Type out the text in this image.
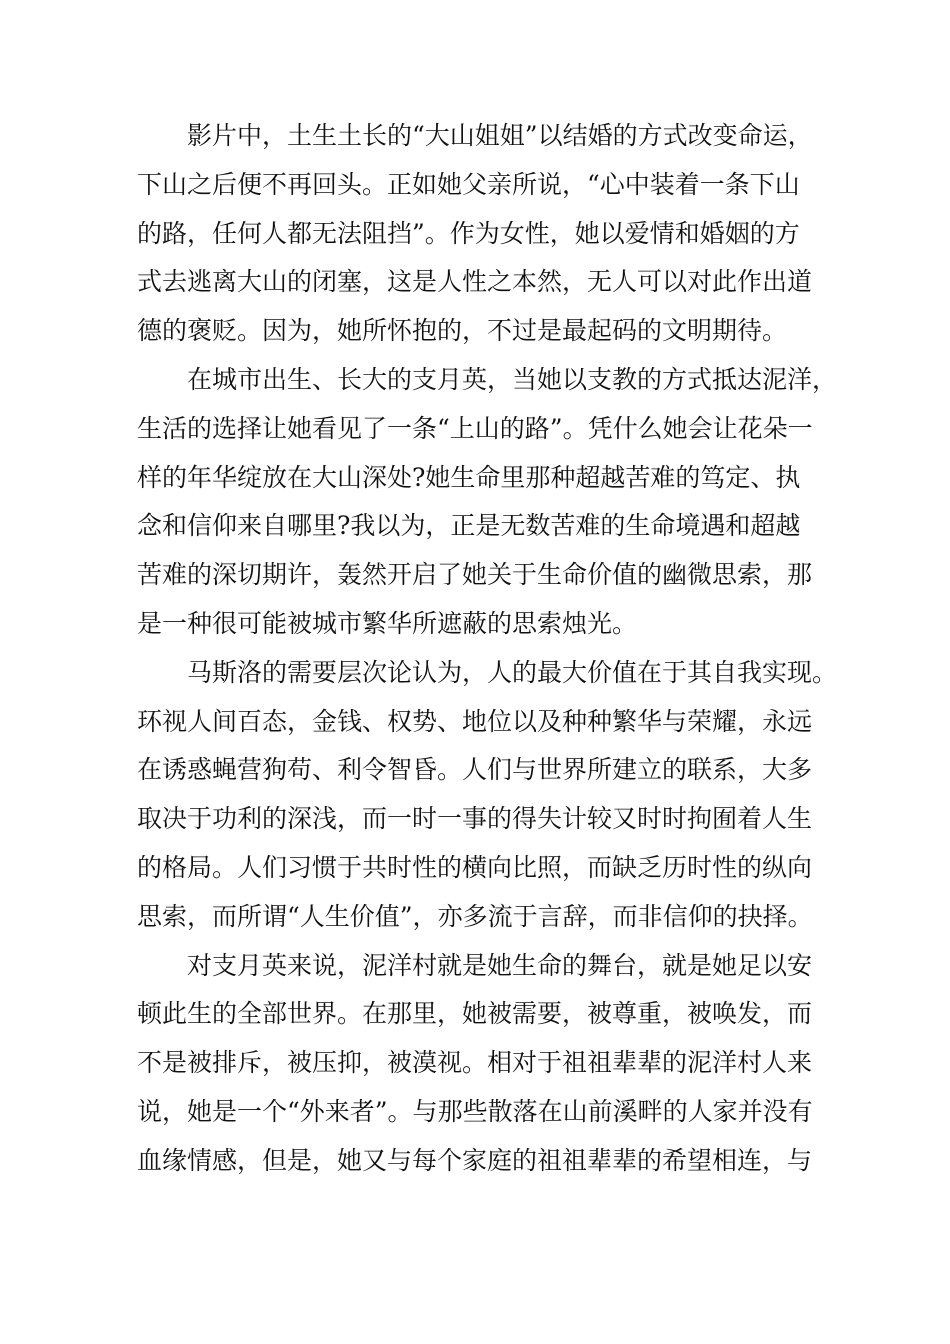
影片中，土生土长的“大山姐姐”以结婚的方式改变命运，
下山之后便不再回头。正如她父亲所说，“心中装着一条下山
的路，任何人都无法阻挡”。作为女性，她以爱情和婚姻的方
式去逃离大山的闭塞，这是人性之本然，无人可以对此作出道
德的褒贬。因为，她所怀抱的，不过是最起码的文明期待。
在城市出生、长大的支月英，当她以支教的方式抵达泥洋，
生活的选择让她看见了一条“上山的路”。凭什么她会让花朵一
样的年华绽放在大山深处?她生命里那种超越苦难的笃定、执
念和信仰来自哪里?我以为，正是无数苦难的生命境遇和超越
苦难的深切期许，轰然开启了她关于生命价值的幽微思索，那
是一种很可能被城市繁华所遮蔽的思索烛光。
马斯洛的需要层次论认为，人的最大价值在于其自我实现。
环视人间百态，金钱、权势、地位以及种种繁华与荣耀，永远
在诱惑蝇营狗苟、利令智昏。人们与世界所建立的联系，大多
取决于功利的深浅，而一时一事的得失计较又时时拘囿着人生
的格局。人们习惯于共时性的横向比照，而缺乏历时性的纵向
思索，而所谓“人生价值”，亦多流于言辞，而非信仰的抉择。
对支月英来说，泥洋村就是她生命的舞台，就是她足以安
顿此生的全部世界。在那里，她被需要，被尊重，被唤发，而
不是被排斥，被压抑，被漠视。相对于祖祖辈辈的泥洋村人来
说，她是一个“外来者”。与那些散落在山前溪畔的人家并没有
血缘情感，但是，她又与每个家庭的祖祖辈辈的希望相连，与
